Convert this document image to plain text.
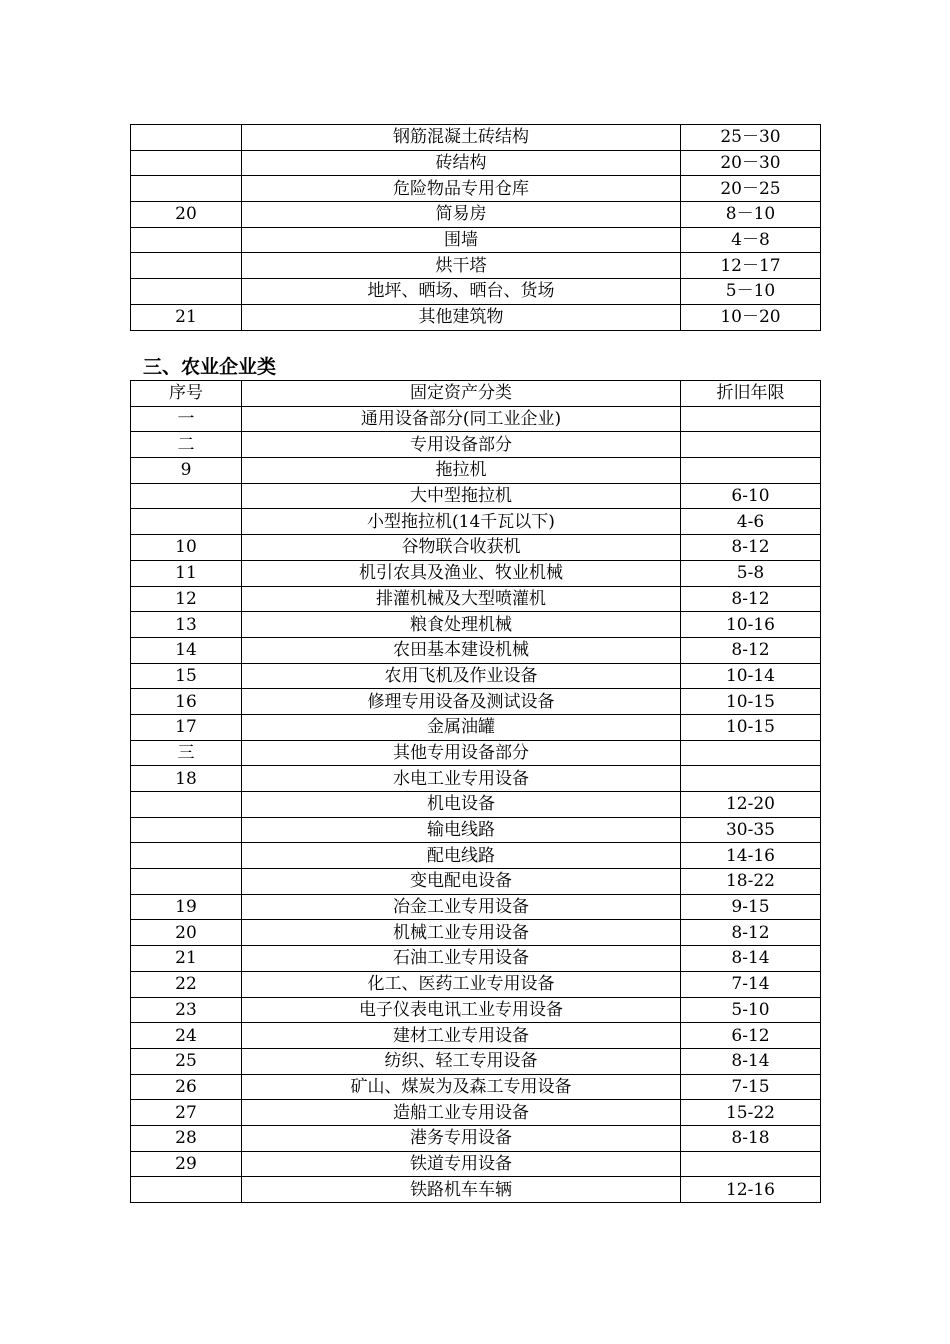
	钢筋混凝土砖结构	25－30
	砖结构	20－30
	危险物品专用仓库	20－25
20	简易房	8－10
	围墙	4－8
	烘干塔	12－17
	地坪、晒场、晒台、货场	5－10
21	其他建筑物	10－20
三、农业企业类
序号	固定资产分类	折旧年限
一	通用设备部分(同工业企业)	
二	专用设备部分	
9	拖拉机	
	大中型拖拉机	6-10
	小型拖拉机(14千瓦以下)	4-6
10	谷物联合收获机	8-12
11	机引农具及渔业、牧业机械	5-8
12	排灌机械及大型喷灌机	8-12
13	粮食处理机械	10-16
14	农田基本建设机械	8-12
15	农用飞机及作业设备	10-14
16	修理专用设备及测试设备	10-15
17	金属油罐	10-15
三	其他专用设备部分	
18	水电工业专用设备	
	机电设备	12-20
	输电线路	30-35
	配电线路	14-16
	变电配电设备	18-22
19	冶金工业专用设备	9-15
20	机械工业专用设备	8-12
21	石油工业专用设备	8-14
22	化工、医药工业专用设备	7-14
23	电子仪表电讯工业专用设备	5-10
24	建材工业专用设备	6-12
25	纺织、轻工专用设备	8-14
26	矿山、煤炭为及森工专用设备	7-15
27	造船工业专用设备	15-22
28	港务专用设备	8-18
29	铁道专用设备	
	铁路机车车辆	12-16
